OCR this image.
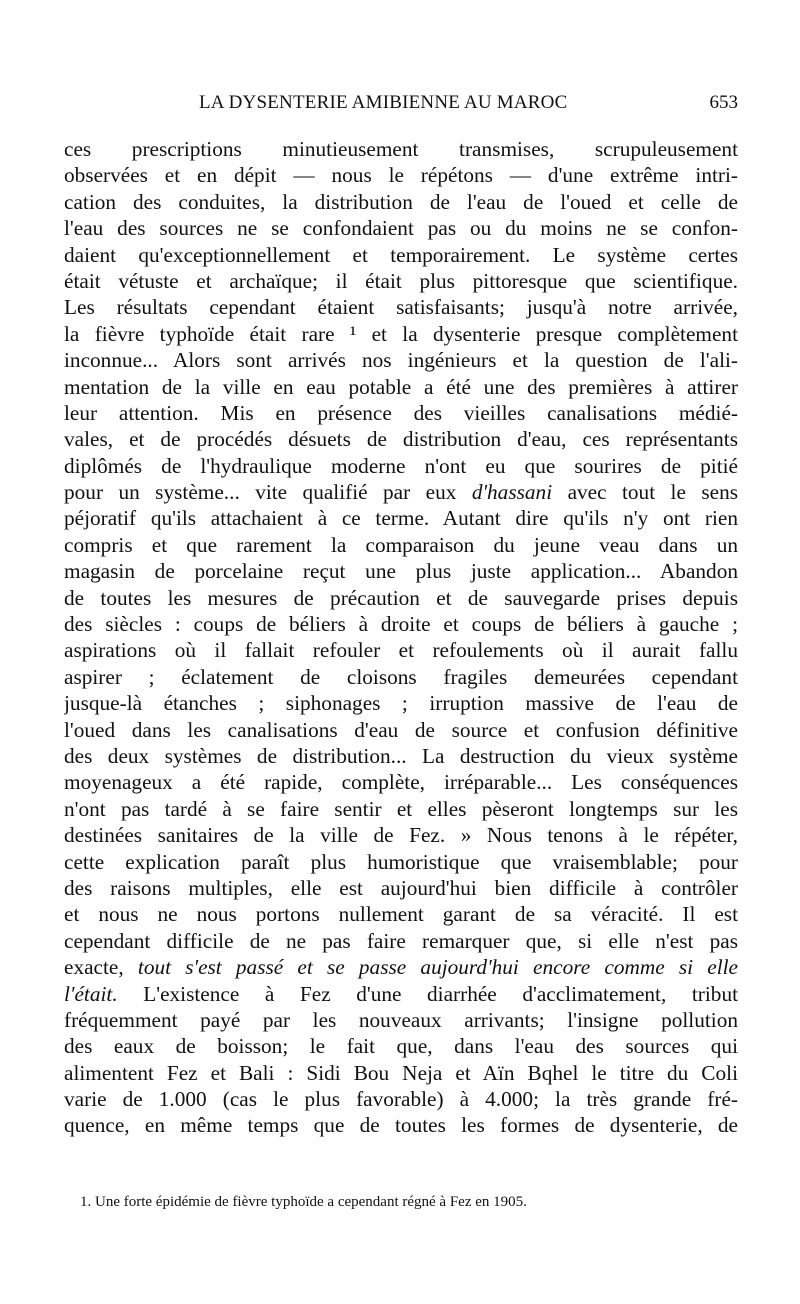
LA DYSENTERIE AMIBIENNE AU MAROC	653
ces prescriptions minutieusement transmises, scrupuleusement
observées et en dépit — nous le répétons — d'une extrême intri-
cation des conduites, la distribution de l'eau de l'oued et celle de
l'eau des sources ne se confondaient pas ou du moins ne se confon-
daient qu'exceptionnellement et temporairement. Le système certes
était vétuste et archaïque; il était plus pittoresque que scientifique.
Les résultats cependant étaient satisfaisants; jusqu'à notre arrivée,
la fièvre typhoïde était rare ¹ et la dysenterie presque complètement
inconnue... Alors sont arrivés nos ingénieurs et la question de l'ali-
mentation de la ville en eau potable a été une des premières à attirer
leur attention. Mis en présence des vieilles canalisations médié-
vales, et de procédés désuets de distribution d'eau, ces représentants
diplômés de l'hydraulique moderne n'ont eu que sourires de pitié
pour un système... vite qualifié par eux d'hassani avec tout le sens
péjoratif qu'ils attachaient à ce terme. Autant dire qu'ils n'y ont rien
compris et que rarement la comparaison du jeune veau dans un
magasin de porcelaine reçut une plus juste application... Abandon
de toutes les mesures de précaution et de sauvegarde prises depuis
des siècles : coups de béliers à droite et coups de béliers à gauche ;
aspirations où il fallait refouler et refoulements où il aurait fallu
aspirer ; éclatement de cloisons fragiles demeurées cependant
jusque-là étanches ; siphonages ; irruption massive de l'eau de
l'oued dans les canalisations d'eau de source et confusion définitive
des deux systèmes de distribution... La destruction du vieux système
moyenageux a été rapide, complète, irréparable... Les conséquences
n'ont pas tardé à se faire sentir et elles pèseront longtemps sur les
destinées sanitaires de la ville de Fez. » Nous tenons à le répéter,
cette explication paraît plus humoristique que vraisemblable; pour
des raisons multiples, elle est aujourd'hui bien difficile à contrôler
et nous ne nous portons nullement garant de sa véracité. Il est
cependant difficile de ne pas faire remarquer que, si elle n'est pas
exacte, tout s'est passé et se passe aujourd'hui encore comme si elle
l'était. L'existence à Fez d'une diarrhée d'acclimatement, tribut
fréquemment payé par les nouveaux arrivants; l'insigne pollution
des eaux de boisson; le fait que, dans l'eau des sources qui
alimentent Fez et Bali : Sidi Bou Neja et Aïn Bqhel le titre du Coli
varie de 1.000 (cas le plus favorable) à 4.000; la très grande fré-
quence, en même temps que de toutes les formes de dysenterie, de
1. Une forte épidémie de fièvre typhoïde a cependant régné à Fez en 1905.
